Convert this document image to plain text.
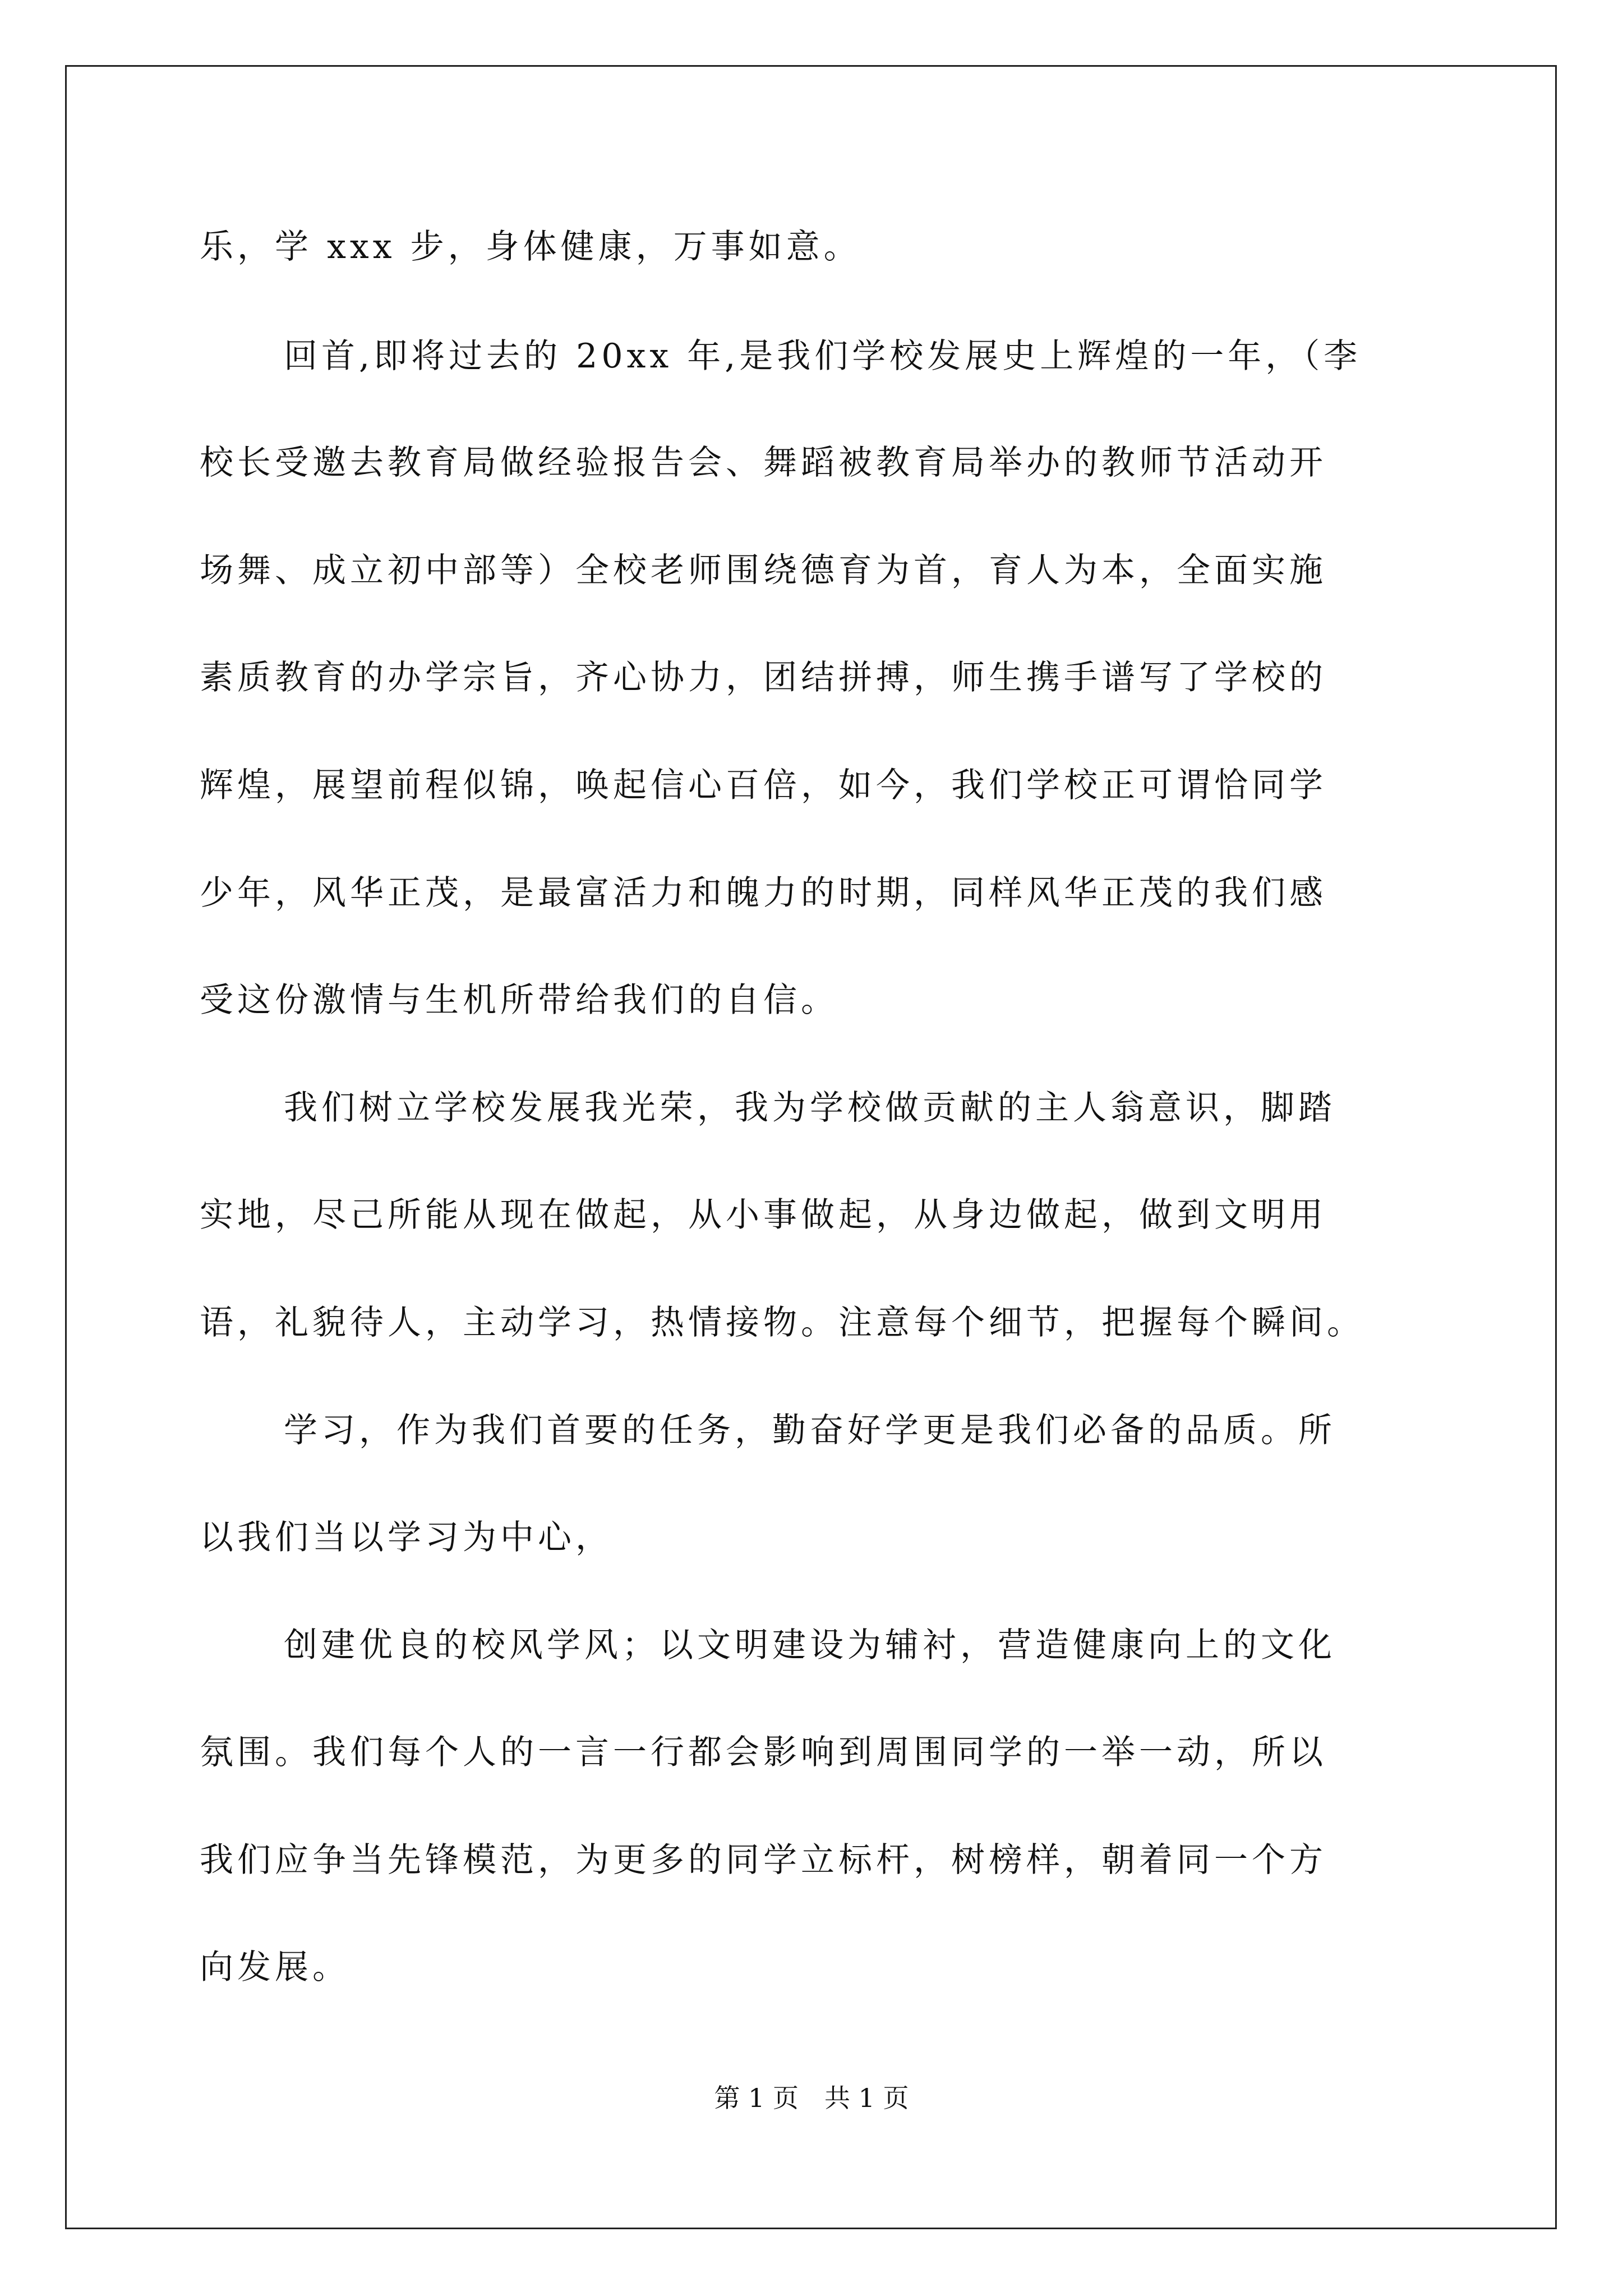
乐，学 xxx 步，身体健康，万事如意。

回首,即将过去的 20xx 年,是我们学校发展史上辉煌的一年，（李

校长受邀去教育局做经验报告会、舞蹈被教育局举办的教师节活动开

场舞、成立初中部等）全校老师围绕德育为首，育人为本，全面实施

素质教育的办学宗旨，齐心协力，团结拼搏，师生携手谱写了学校的

辉煌，展望前程似锦，唤起信心百倍，如今，我们学校正可谓恰同学

少年，风华正茂，是最富活力和魄力的时期，同样风华正茂的我们感

受这份激情与生机所带给我们的自信。

我们树立学校发展我光荣，我为学校做贡献的主人翁意识，脚踏

实地，尽己所能从现在做起，从小事做起，从身边做起，做到文明用

语，礼貌待人，主动学习，热情接物。注意每个细节，把握每个瞬间。

学习，作为我们首要的任务，勤奋好学更是我们必备的品质。所

以我们当以学习为中心，

创建优良的校风学风；以文明建设为辅衬，营造健康向上的文化

氛围。我们每个人的一言一行都会影响到周围同学的一举一动，所以

我们应争当先锋模范，为更多的同学立标杆，树榜样，朝着同一个方

向发展。

第 1 页　共 1 页
